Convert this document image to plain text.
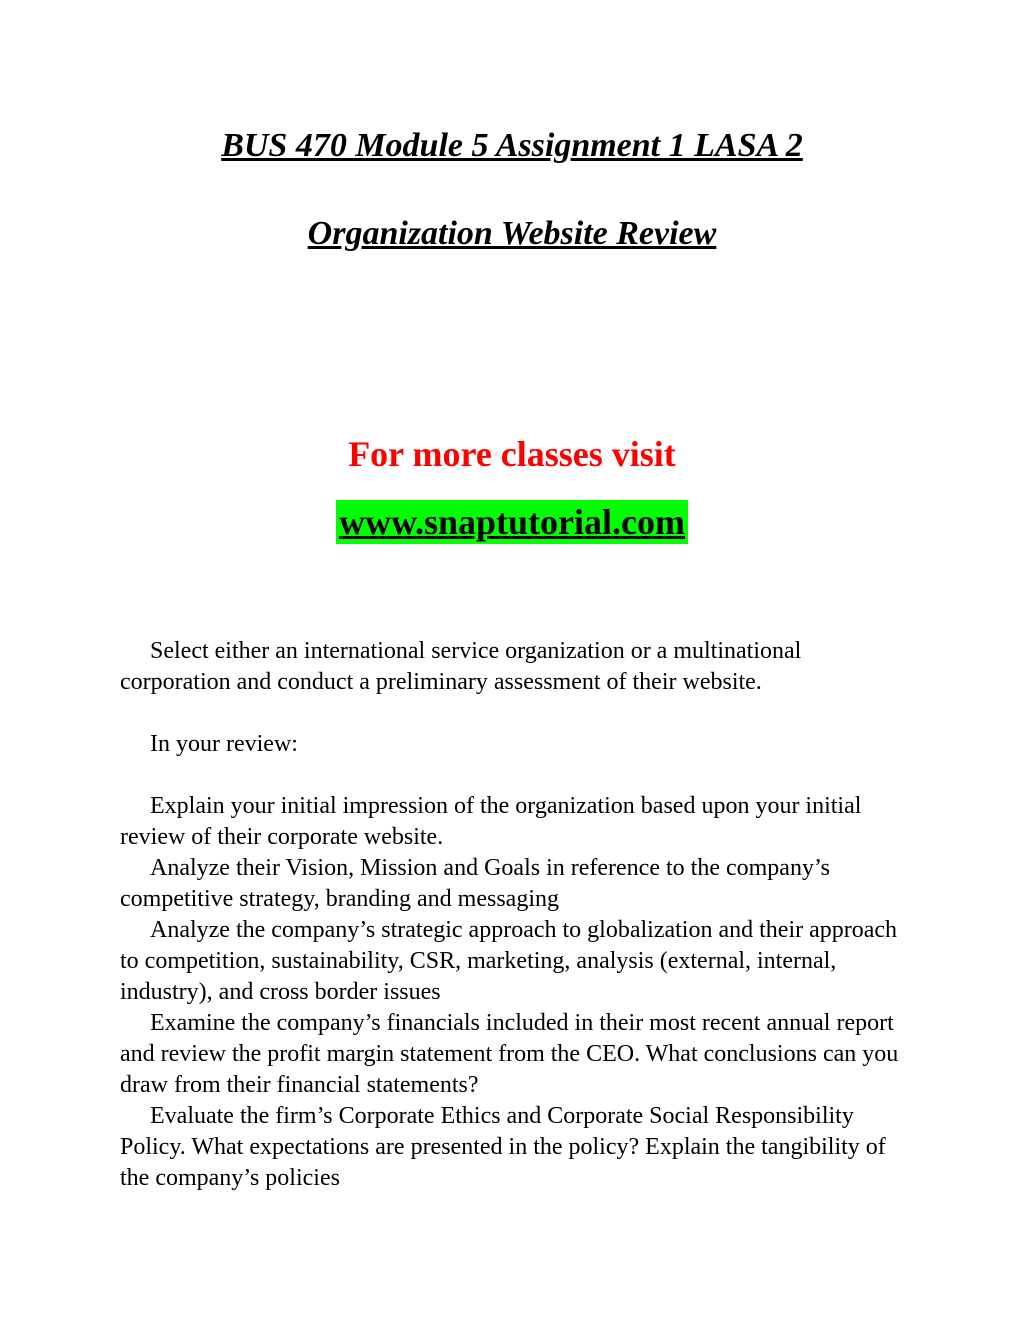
BUS 470 Module 5 Assignment 1 LASA 2
Organization Website Review
For more classes visit
www.snaptutorial.com

Select either an international service organization or a multinational corporation and conduct a preliminary assessment of their website.

In your review:

Explain your initial impression of the organization based upon your initial review of their corporate website.

Analyze their Vision, Mission and Goals in reference to the company’s competitive strategy, branding and messaging

Analyze the company’s strategic approach to globalization and their approach to competition, sustainability, CSR, marketing, analysis (external, internal, industry), and cross border issues

Examine the company’s financials included in their most recent annual report and review the profit margin statement from the CEO. What conclusions can you draw from their financial statements?

Evaluate the firm’s Corporate Ethics and Corporate Social Responsibility Policy. What expectations are presented in the policy? Explain the tangibility of the company’s policies
